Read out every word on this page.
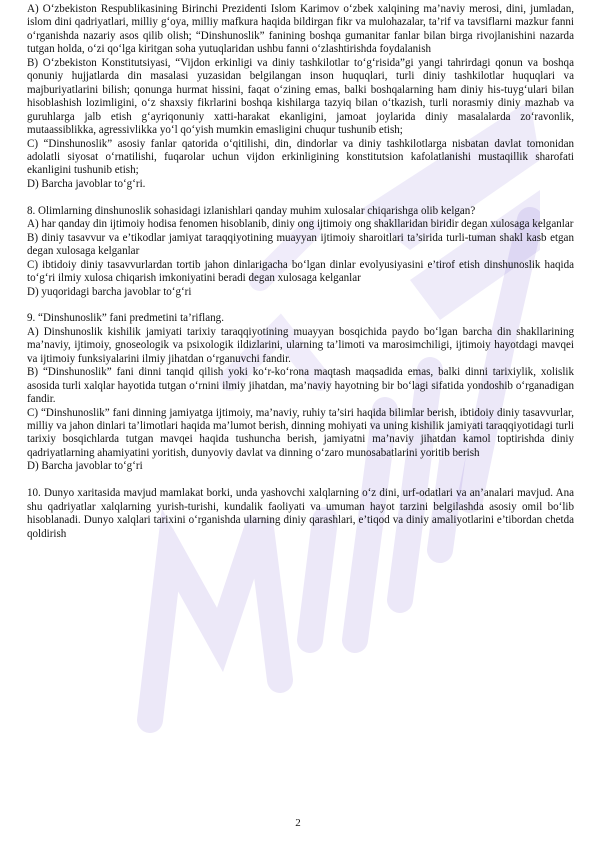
A) O‘zbekiston Respublikasining Birinchi Prezidenti Islom Karimov o‘zbek xalqining ma’naviy merosi, dini, jumladan, islom dini qadriyatlari, milliy g‘oya, milliy mafkura haqida bildirgan fikr va mulohazalar, ta’rif va tavsiflarni mazkur fanni o‘rganishda nazariy asos qilib olish; “Dinshunoslik” fanining boshqa gumanitar fanlar bilan birga rivojlanishini nazarda tutgan holda, o‘zi qo‘lga kiritgan soha yutuqlaridan ushbu fanni o‘zlashtirishda foydalanish

B) O‘zbekiston Konstitutsiyasi, “Vijdon erkinligi va diniy tashkilotlar to‘g‘risida”gi yangi tahrirdagi qonun va boshqa qonuniy hujjatlarda din masalasi yuzasidan belgilangan inson huquqlari, turli diniy tashkilotlar huquqlari va majburiyatlarini bilish; qonunga hurmat hissini, faqat o‘zining emas, balki boshqalarning ham diniy his-tuyg‘ulari bilan hisoblashish lozimligini, o‘z shaxsiy fikrlarini boshqa kishilarga tazyiq bilan o‘tkazish, turli norasmiy diniy mazhab va guruhlarga jalb etish g‘ayriqonuniy xatti-harakat ekanligini, jamoat joylarida diniy masalalarda zo‘ravonlik, mutaassiblikka, agressivlikka yo‘l qo‘yish mumkin emasligini chuqur tushunib etish;

C) “Dinshunoslik” asosiy fanlar qatorida o‘qitilishi, din, dindorlar va diniy tashkilotlarga nisbatan davlat tomonidan adolatli siyosat o‘rnatilishi, fuqarolar uchun vijdon erkinligining konstitutsion kafolatlanishi mustaqillik sharofati ekanligini tushunib etish;

D) Barcha javoblar to‘g‘ri.

8. Olimlarning dinshunoslik sohasidagi izlanishlari qanday muhim xulosalar chiqarishga olib kelgan?

A) har qanday din ijtimoiy hodisa fenomen hisoblanib, diniy ong ijtimoiy ong shakllaridan biridir degan xulosaga kelganlar

B) diniy tasavvur va e’tikodlar jamiyat taraqqiyotining muayyan ijtimoiy sharoitlari ta’sirida turli-tuman shakl kasb etgan degan xulosaga kelganlar

C) ibtidoiy diniy tasavvurlardan tortib jahon dinlarigacha bo‘lgan dinlar evolyusiyasini e’tirof etish dinshunoslik haqida to‘g‘ri ilmiy xulosa chiqarish imkoniyatini beradi degan xulosaga kelganlar

D) yuqoridagi barcha javoblar to‘g‘ri

9. “Dinshunoslik” fani predmetini ta’riflang.

A) Dinshunoslik kishilik jamiyati tarixiy taraqqiyotining muayyan bosqichida paydo bo‘lgan barcha din shakllarining ma’naviy, ijtimoiy, gnoseologik va psixologik ildizlarini, ularning ta’limoti va marosimchiligi, ijtimoiy hayotdagi mavqei va ijtimoiy funksiyalarini ilmiy jihatdan o‘rganuvchi fandir.

B) “Dinshunoslik” fani dinni tanqid qilish yoki ko‘r-ko‘rona maqtash maqsadida emas, balki dinni tarixiylik, xolislik asosida turli xalqlar hayotida tutgan o‘rnini ilmiy jihatdan, ma’naviy hayotning bir bo‘lagi sifatida yondoshib o‘rganadigan fandir.

C) “Dinshunoslik” fani dinning jamiyatga ijtimoiy, ma’naviy, ruhiy ta’siri haqida bilimlar berish, ibtidoiy diniy tasavvurlar, milliy va jahon dinlari ta’limotlari haqida ma’lumot berish, dinning mohiyati va uning kishilik jamiyati taraqqiyotidagi turli tarixiy bosqichlarda tutgan mavqei haqida tushuncha berish, jamiyatni ma’naviy jihatdan kamol toptirishda diniy qadriyatlarning ahamiyatini yoritish, dunyoviy davlat va dinning o‘zaro munosabatlarini yoritib berish

D) Barcha javoblar to‘g‘ri

10. Dunyo xaritasida mavjud mamlakat borki, unda yashovchi xalqlarning o‘z dini, urf-odatlari va an’analari mavjud. Ana shu qadriyatlar xalqlarning yurish-turishi, kundalik faoliyati va umuman hayot tarzini belgilashda asosiy omil bo‘lib hisoblanadi. Dunyo xalqlari tarixini o‘rganishda ularning diniy qarashlari, e’tiqod va diniy amaliyotlarini e’tibordan chetda qoldirish

2
